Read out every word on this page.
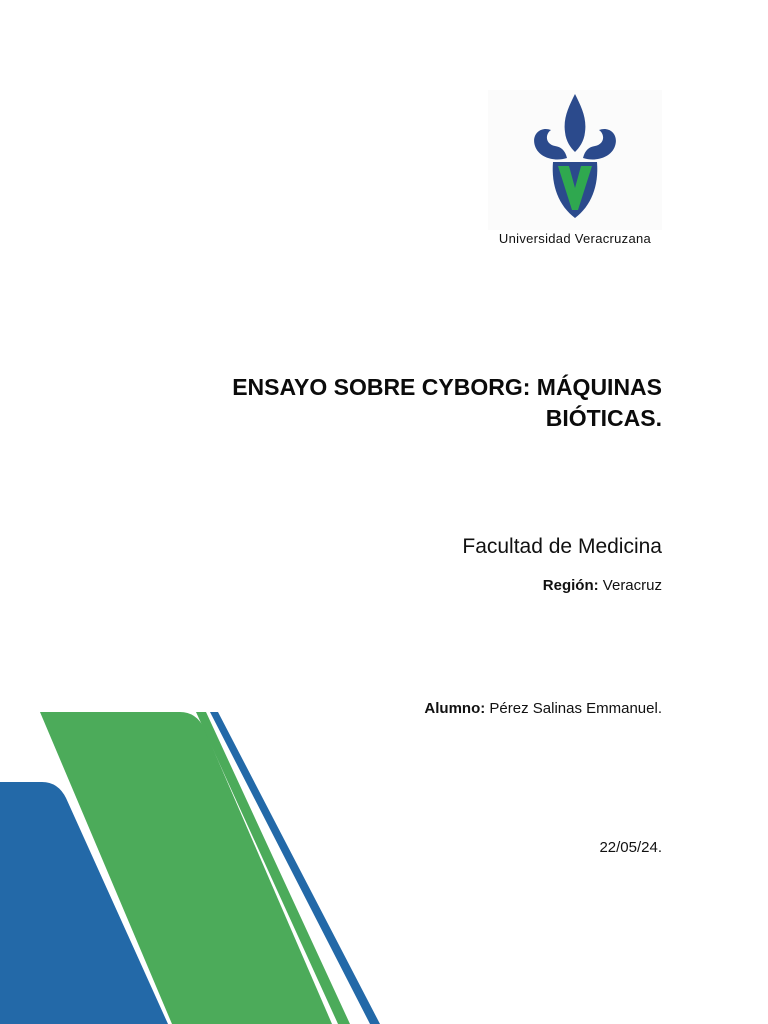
Universidad Veracruzana
ENSAYO SOBRE CYBORG: MÁQUINAS BIÓTICAS.
Facultad de Medicina
Región: Veracruz
Alumno: Pérez Salinas Emmanuel.
22/05/24.
